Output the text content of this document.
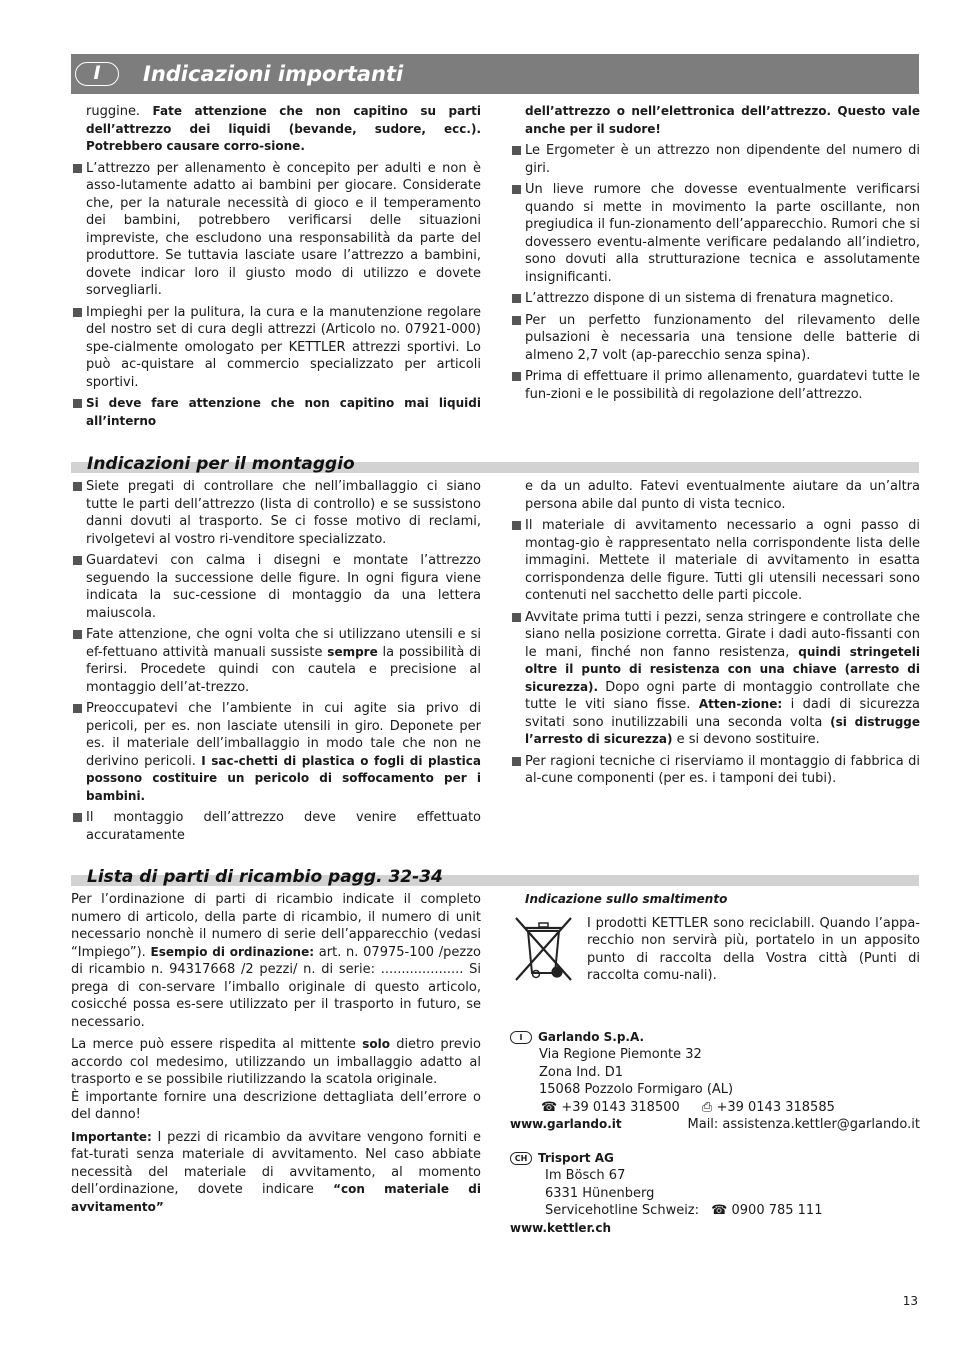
I	Indicazioni importanti

ruggine. Fate attenzione che non capitino su parti dell’attrezzo dei liquidi (bevande, sudore, ecc.). Potrebbero causare corro-sione.

L’attrezzo per allenamento è concepito per adulti e non è asso-lutamente adatto ai bambini per giocare. Considerate che, per la naturale necessità di gioco e il temperamento dei bambini, potrebbero verificarsi delle situazioni impreviste, che escludono una responsabilità da parte del produttore. Se tuttavia lasciate usare l’attrezzo a bambini, dovete indicar loro il giusto modo di utilizzo e dovete sorvegliarli.
Impieghi per la pulitura, la cura e la manutenzione regolare del nostro set di cura degli attrezzi (Articolo no. 07921-000) spe-cialmente omologato per KETTLER attrezzi sportivi. Lo può ac-quistare al commercio specializzato per articoli sportivi.
Si deve fare attenzione che non capitino mai liquidi all’interno

dell’attrezzo o nell’elettronica dell’attrezzo. Questo vale anche per il sudore!

Le Ergometer è un attrezzo non dipendente del numero di giri.
Un lieve rumore che dovesse eventualmente verificarsi quando si mette in movimento la parte oscillante, non pregiudica il fun-zionamento dell’apparecchio. Rumori che si dovessero eventu-almente verificare pedalando all’indietro, sono dovuti alla strutturazione tecnica e assolutamente insignificanti.
L’attrezzo dispone di un sistema di frenatura magnetico.
Per un perfetto funzionamento del rilevamento delle pulsazioni è necessaria una tensione delle batterie di almeno 2,7 volt (ap-parecchio senza spina).
Prima di effettuare il primo allenamento, guardatevi tutte le fun-zioni e le possibilità di regolazione dell’attrezzo.
Indicazioni per il montaggio
Siete pregati di controllare che nell’imballaggio ci siano tutte le parti dell’attrezzo (lista di controllo) e se sussistono danni dovuti al trasporto. Se ci fosse motivo di reclami, rivolgetevi al vostro ri-venditore specializzato.
Guardatevi con calma i disegni e montate l’attrezzo seguendo la successione delle figure. In ogni figura viene indicata la suc-cessione di montaggio da una lettera maiuscola.
Fate attenzione, che ogni volta che si utilizzano utensili e si ef-fettuano attività manuali sussiste sempre la possibilità di ferirsi. Procedete quindi con cautela e precisione al montaggio dell’at-trezzo.
Preoccupatevi che l’ambiente in cui agite sia privo di pericoli, per es. non lasciate utensili in giro. Deponete per es. il materiale dell’imballaggio in modo tale che non ne derivino pericoli. I sac-chetti di plastica o fogli di plastica possono costituire un pericolo di soffocamento per i bambini.
Il montaggio dell’attrezzo deve venire effettuato accuratamente

e da un adulto. Fatevi eventualmente aiutare da un’altra persona abile dal punto di vista tecnico.

Il materiale di avvitamento necessario a ogni passo di montag-gio è rappresentato nella corrispondente lista delle immagini. Mettete il materiale di avvitamento in esatta corrispondenza delle figure. Tutti gli utensili necessari sono contenuti nel sacchetto delle parti piccole.
Avvitate prima tutti i pezzi, senza stringere e controllate che siano nella posizione corretta. Girate i dadi auto-fissanti con le mani, finché non fanno resistenza, quindi stringeteli oltre il punto di resistenza con una chiave (arresto di sicurezza). Dopo ogni parte di montaggio controllate che tutte le viti siano fisse. Atten-zione: i dadi di sicurezza svitati sono inutilizzabili una seconda volta (si distrugge l’arresto di sicurezza) e si devono sostituire.
Per ragioni tecniche ci riserviamo il montaggio di fabbrica di al-cune componenti (per es. i tamponi dei tubi).
Lista di parti di ricambio pagg. 32-34

Per l’ordinazione di parti di ricambio indicate il completo numero di articolo, della parte di ricambio, il numero di unit necessario nonchè il numero di serie dell’apparecchio (vedasi “Impiego”). Esempio di ordinazione: art. n. 07975-100 /pezzo di ricambio n. 94317668 /2 pezzi/ n. di serie: .................... Si prega di con-servare l’imballo originale di questo articolo, cosicché possa es-sere utilizzato per il trasporto in futuro, se necessario.

La merce può essere rispedita al mittente solo dietro previo accordo col medesimo, utilizzando un imballaggio adatto al trasporto e se possibile riutilizzando la scatola originale.
È importante fornire una descrizione dettagliata dell’errore o del danno!

Importante: I pezzi di ricambio da avvitare vengono forniti e fat-turati senza materiale di avvitamento. Nel caso abbiate necessità del materiale di avvitamento, al momento dell’ordinazione, dovete indicare “con materiale di avvitamento”

Indicazione sullo smaltimento

I prodotti KETTLER sono reciclabill. Quando l’appa-recchio non servirà più, portatelo in un apposito punto di raccolta della Vostra città (Punti di raccolta comu-nali).

I Garlando S.p.A.
Via Regione Piemonte 32
Zona Ind. D1
15068 Pozzolo Formigaro (AL)
☎ +39 0143 318500 ⎙ +39 0143 318585
www.garlando.it	Mail: assistenza.kettler@garlando.it
CH Trisport AG
Im Bösch 67
6331 Hünenberg
Servicehotline Schweiz: ☎ 0900 785 111
www.kettler.ch
13
